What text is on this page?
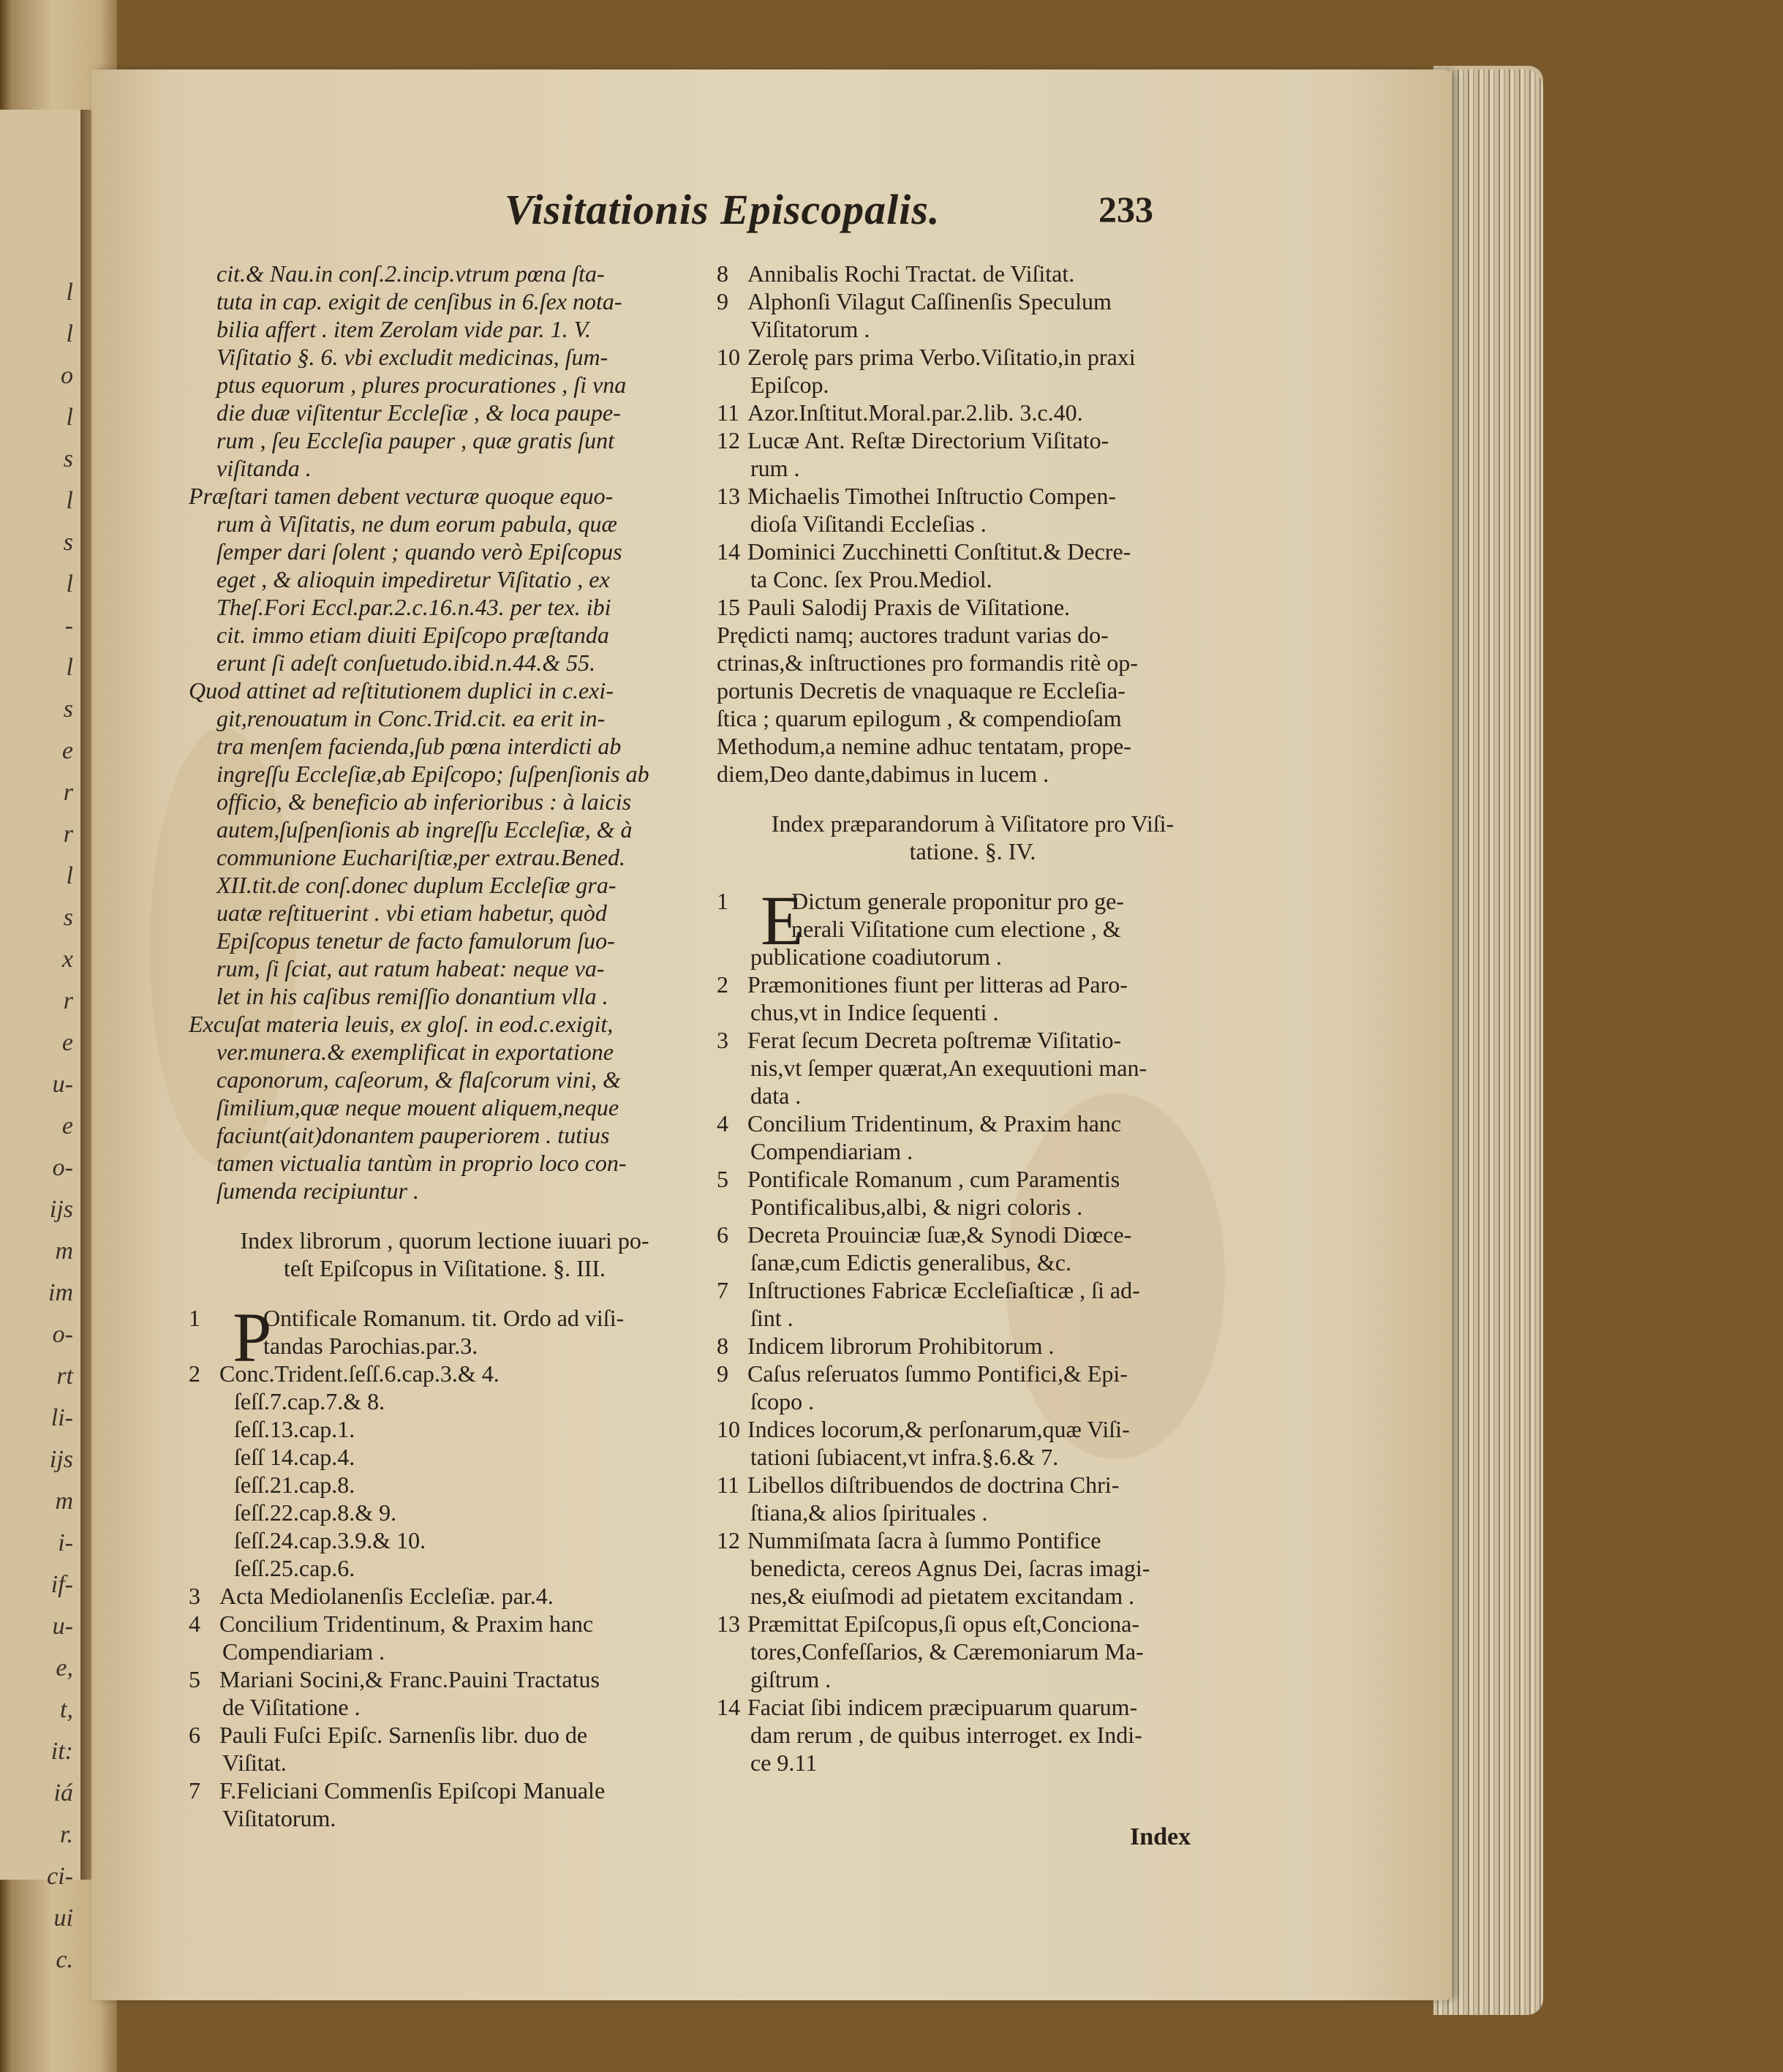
l
l
o
l
s
l
s
l
-
l
s
e
r
r
l
s
x
r
e
u-
e
o-
ijs
m
im
o-
rt
li-
ijs
m
i-
if-
u-
e,
t,
it:
iá
r.
ci-
ui
c.
Visitationis Episcopalis.	233
cit.& Nau.in conſ.2.incip.vtrum pœna ſta-
tuta in cap. exigit de cenſibus in 6.ſex nota-
bilia affert . item Zerolam vide par. 1. V.
Viſitatio §. 6. vbi excludit medicinas, ſum-
ptus equorum , plures procurationes , ſi vna
die duæ viſitentur Eccleſiæ , & loca paupe-
rum , ſeu Eccleſia pauper , quæ gratis ſunt
viſitanda .
Præſtari tamen debent vecturæ quoque equo-
rum à Viſitatis, ne dum eorum pabula, quæ
ſemper dari ſolent ; quando verò Epiſcopus
eget , & alioquin impediretur Viſitatio , ex
Theſ.Fori Eccl.par.2.c.16.n.43. per tex. ibi
cit. immo etiam diuiti Epiſcopo præſtanda
erunt ſi adeſt conſuetudo.ibid.n.44.& 55.
Quod attinet ad reſtitutionem duplici in c.exi-
git,renouatum in Conc.Trid.cit. ea erit in-
tra menſem facienda,ſub pœna interdicti ab
ingreſſu Eccleſiæ,ab Epiſcopo; ſuſpenſionis ab
officio, & beneficio ab inferioribus : à laicis
autem,ſuſpenſionis ab ingreſſu Eccleſiæ, & à
communione Euchariſtiæ,per extrau.Bened.
XII.tit.de conſ.donec duplum Eccleſiæ gra-
uatæ reſtituerint . vbi etiam habetur, quòd
Epiſcopus tenetur de facto famulorum ſuo-
rum, ſi ſciat, aut ratum habeat: neque va-
let in his caſibus remiſſio donantium vlla .
Excuſat materia leuis, ex gloſ. in eod.c.exigit,
ver.munera.& exemplificat in exportatione
caponorum, caſeorum, & flaſcorum vini, &
ſimilium,quæ neque mouent aliquem,neque
faciunt(ait)donantem pauperiorem . tutius
tamen victualia tantùm in proprio loco con-
ſumenda recipiuntur .
Index librorum , quorum lectione iuuari po-
teſt Epiſcopus in Viſitatione. §. III.
1	Ontificale Romanum. tit. Ordo ad viſi-
P
tandas Parochias.par.3.
2 Conc.Trident.ſeſſ.6.cap.3.& 4.
ſeſſ.7.cap.7.& 8.
ſeſſ.13.cap.1.
ſeſſ 14.cap.4.
ſeſſ.21.cap.8.
ſeſſ.22.cap.8.& 9.
ſeſſ.24.cap.3.9.& 10.
ſeſſ.25.cap.6.
3 Acta Mediolanenſis Eccleſiæ. par.4.
4 Concilium Tridentinum, & Praxim hanc
Compendiariam .
5 Mariani Socini,& Franc.Pauini Tractatus
de Viſitatione .
6 Pauli Fuſci Epiſc. Sarnenſis libr. duo de
Viſitat.
7 F.Feliciani Commenſis Epiſcopi Manuale
Viſitatorum.
8 Annibalis Rochi Tractat. de Viſitat.
9 Alphonſi Vilagut Caſſinenſis Speculum
Viſitatorum .
10 Zerolę pars prima Verbo.Viſitatio,in praxi
Epiſcop.
11 Azor.Inſtitut.Moral.par.2.lib. 3.c.40.
12 Lucæ Ant. Reſtæ Directorium Viſitato-
rum .
13 Michaelis Timothei Inſtructio Compen-
dioſa Viſitandi Eccleſias .
14 Dominici Zucchinetti Conſtitut.& Decre-
ta Conc. ſex Prou.Mediol.
15 Pauli Salodij Praxis de Viſitatione.
Prędicti namq; auctores tradunt varias do-
ctrinas,& inſtructiones pro formandis ritè op-
portunis Decretis de vnaquaque re Eccleſia-
ſtica ; quarum epilogum , & compendioſam
Methodum,a nemine adhuc tentatam, prope-
diem,Deo dante,dabimus in lucem .
Index præparandorum à Viſitatore pro Viſi-
tatione. §. IV.
1	Dictum generale proponitur pro ge-
E
nerali Viſitatione cum electione , &
publicatione coadiutorum .
2 Præmonitiones fiunt per litteras ad Paro-
chus,vt in Indice ſequenti .
3 Ferat ſecum Decreta poſtremæ Viſitatio-
nis,vt ſemper quærat,An exequutioni man-
data .
4 Concilium Tridentinum, & Praxim hanc
Compendiariam .
5 Pontificale Romanum , cum Paramentis
Pontificalibus,albi, & nigri coloris .
6 Decreta Prouinciæ ſuæ,& Synodi Diœce-
ſanæ,cum Edictis generalibus, &c.
7 Inſtructiones Fabricæ Eccleſiaſticæ , ſi ad-
ſint .
8 Indicem librorum Prohibitorum .
9 Caſus reſeruatos ſummo Pontifici,& Epi-
ſcopo .
10 Indices locorum,& perſonarum,quæ Viſi-
tationi ſubiacent,vt infra.§.6.& 7.
11 Libellos diſtribuendos de doctrina Chri-
ſtiana,& alios ſpirituales .
12 Nummiſmata ſacra à ſummo Pontifice
benedicta, cereos Agnus Dei, ſacras imagi-
nes,& eiuſmodi ad pietatem excitandam .
13 Præmittat Epiſcopus,ſi opus eſt,Conciona-
tores,Confeſſarios, & Cæremoniarum Ma-
giſtrum .
14 Faciat ſibi indicem præcipuarum quarum-
dam rerum , de quibus interroget. ex Indi-
ce 9.11
Index
